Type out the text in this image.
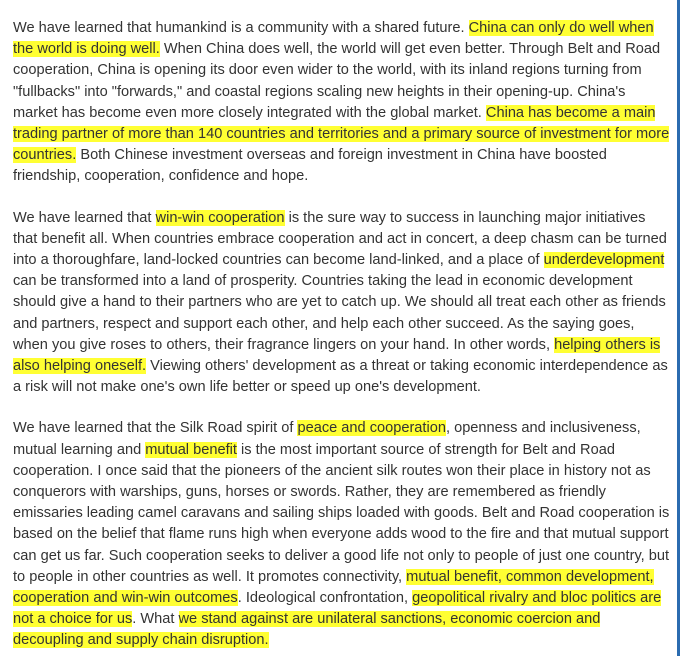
We have learned that humankind is a community with a shared future. China can only do well when the world is doing well. When China does well, the world will get even better. Through Belt and Road cooperation, China is opening its door even wider to the world, with its inland regions turning from "fullbacks" into "forwards," and coastal regions scaling new heights in their opening-up. China's market has become even more closely integrated with the global market. China has become a main trading partner of more than 140 countries and territories and a primary source of investment for more countries. Both Chinese investment overseas and foreign investment in China have boosted friendship, cooperation, confidence and hope.

We have learned that win-win cooperation is the sure way to success in launching major initiatives that benefit all. When countries embrace cooperation and act in concert, a deep chasm can be turned into a thoroughfare, land-locked countries can become land-linked, and a place of underdevelopment can be transformed into a land of prosperity. Countries taking the lead in economic development should give a hand to their partners who are yet to catch up. We should all treat each other as friends and partners, respect and support each other, and help each other succeed. As the saying goes, when you give roses to others, their fragrance lingers on your hand. In other words, helping others is also helping oneself. Viewing others' development as a threat or taking economic interdependence as a risk will not make one's own life better or speed up one's development.

We have learned that the Silk Road spirit of peace and cooperation, openness and inclusiveness, mutual learning and mutual benefit is the most important source of strength for Belt and Road cooperation. I once said that the pioneers of the ancient silk routes won their place in history not as conquerors with warships, guns, horses or swords. Rather, they are remembered as friendly emissaries leading camel caravans and sailing ships loaded with goods. Belt and Road cooperation is based on the belief that flame runs high when everyone adds wood to the fire and that mutual support can get us far. Such cooperation seeks to deliver a good life not only to people of just one country, but to people in other countries as well. It promotes connectivity, mutual benefit, common development, cooperation and win-win outcomes. Ideological confrontation, geopolitical rivalry and bloc politics are not a choice for us. What we stand against are unilateral sanctions, economic coercion and decoupling and supply chain disruption.
